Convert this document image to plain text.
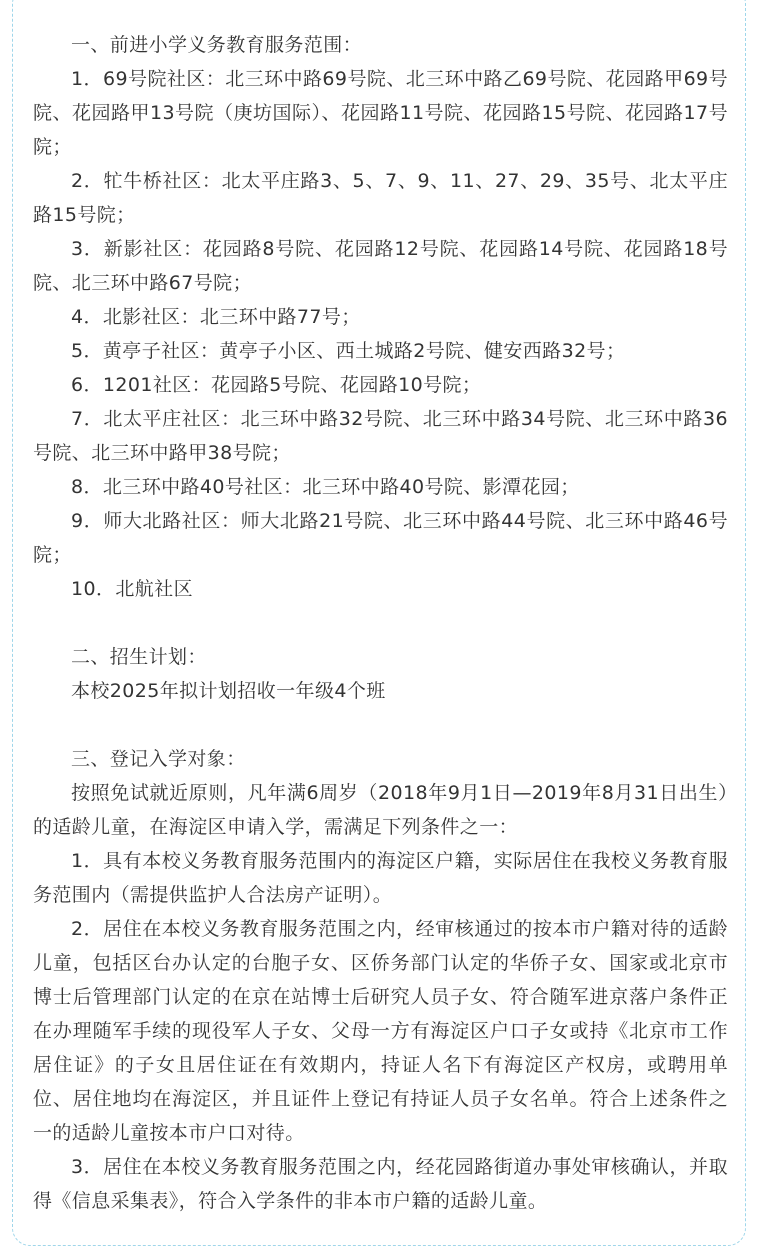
一、前进小学义务教育服务范围：

1．69号院社区：北三环中路69号院、北三环中路乙69号院、花园路甲69号院、花园路甲13号院（庚坊国际）、花园路11号院、花园路15号院、花园路17号院；

2．牤牛桥社区：北太平庄路3、5、7、9、11、27、29、35号、北太平庄路15号院；

3．新影社区：花园路8号院、花园路12号院、花园路14号院、花园路18号院、北三环中路67号院；

4．北影社区：北三环中路77号；

5．黄亭子社区：黄亭子小区、西土城路2号院、健安西路32号；

6．1201社区：花园路5号院、花园路10号院；

7．北太平庄社区：北三环中路32号院、北三环中路34号院、北三环中路36号院、北三环中路甲38号院；

8．北三环中路40号社区：北三环中路40号院、影潭花园；

9．师大北路社区：师大北路21号院、北三环中路44号院、北三环中路46号院；

10．北航社区

二、招生计划：

本校2025年拟计划招收一年级4个班

三、登记入学对象：

按照免试就近原则，凡年满6周岁（2018年9月1日—2019年8月31日出生）的适龄儿童，在海淀区申请入学，需满足下列条件之一：

1．具有本校义务教育服务范围内的海淀区户籍，实际居住在我校义务教育服务范围内（需提供监护人合法房产证明）。

2．居住在本校义务教育服务范围之内，经审核通过的按本市户籍对待的适龄儿童，包括区台办认定的台胞子女、区侨务部门认定的华侨子女、国家或北京市博士后管理部门认定的在京在站博士后研究人员子女、符合随军进京落户条件正在办理随军手续的现役军人子女、父母一方有海淀区户口子女或持《北京市工作居住证》的子女且居住证在有效期内，持证人名下有海淀区产权房，或聘用单位、居住地均在海淀区，并且证件上登记有持证人员子女名单。符合上述条件之一的适龄儿童按本市户口对待。

3．居住在本校义务教育服务范围之内，经花园路街道办事处审核确认，并取得《信息采集表》，符合入学条件的非本市户籍的适龄儿童。
